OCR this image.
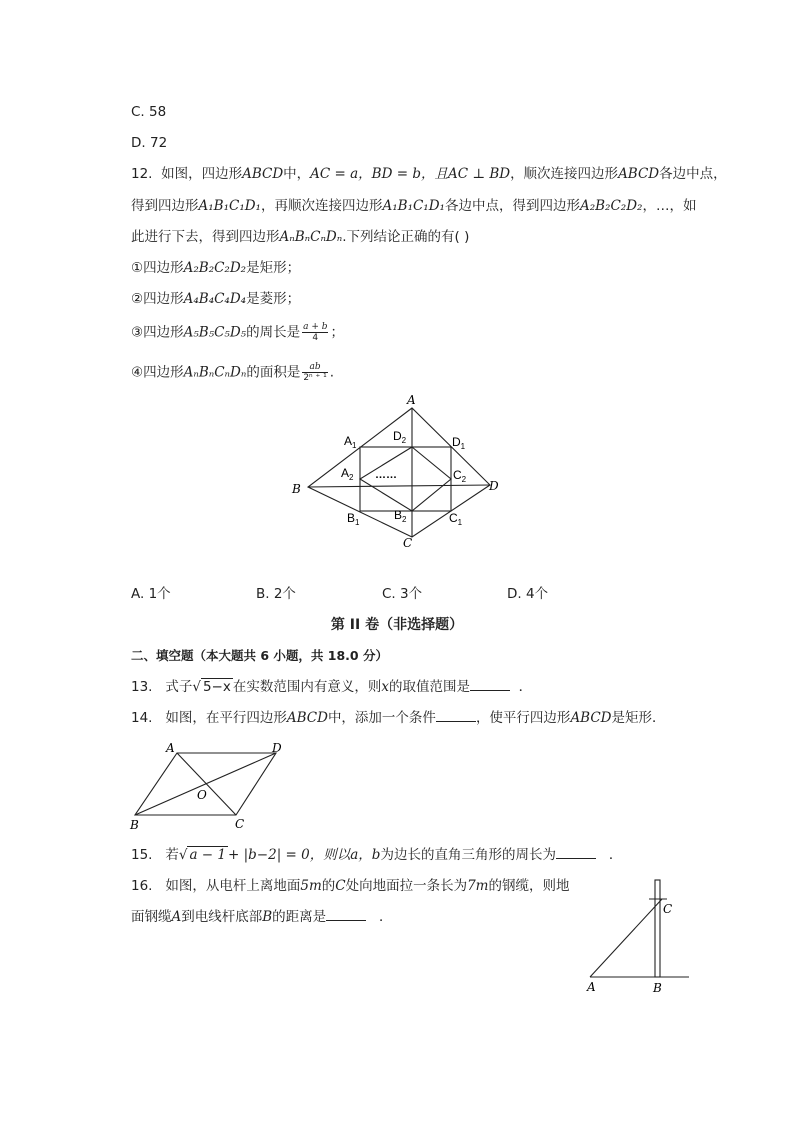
C. 58
D. 72
12. 如图，四边形ABCD中，AC = a，BD = b，且AC ⊥ BD，顺次连接四边形ABCD各边中点，
得到四边形A₁B₁C₁D₁，再顺次连接四边形A₁B₁C₁D₁各边中点，得到四边形A₂B₂C₂D₂，…，如
此进行下去，得到四边形AₙBₙCₙDₙ.下列结论正确的有( )
①四边形A₂B₂C₂D₂是矩形；
②四边形A₄B₄C₄D₄是菱形；
③四边形A₅B₅C₅D₅的周长是 $\frac{a + b}{4}$ ；
④四边形AₙBₙCₙDₙ的面积是 $\frac{ab}{\text{2ⁿ ⁺ ¹}}$ .
A
B
C
D
$A_1$
$D_2$	$D_1$
$A_2$	$C_2$
$B_1$
$B_2$	$C_1$
……
A. 1个	B. 2个	C. 3个	D. 4个
第 II 卷（非选择题）
二、填空题（本大题共 6 小题，共 18.0 分）
13. 式子√ 5−x 在实数范围内有意义，则x的取值范围是	．
14. 如图，在平行四边形ABCD中，添加一个条件	，使平行四边形ABCD是矩形．
A	D
B	C
O
15. 若√ a − 1 + |b−2| = 0，则以a，b为边长的直角三角形的周长为	．
16. 如图，从电杆上离地面5m的C处向地面拉一条长为7m的钢缆，则地
面钢缆A到电线杆底部B的距离是	．
A	B
C
